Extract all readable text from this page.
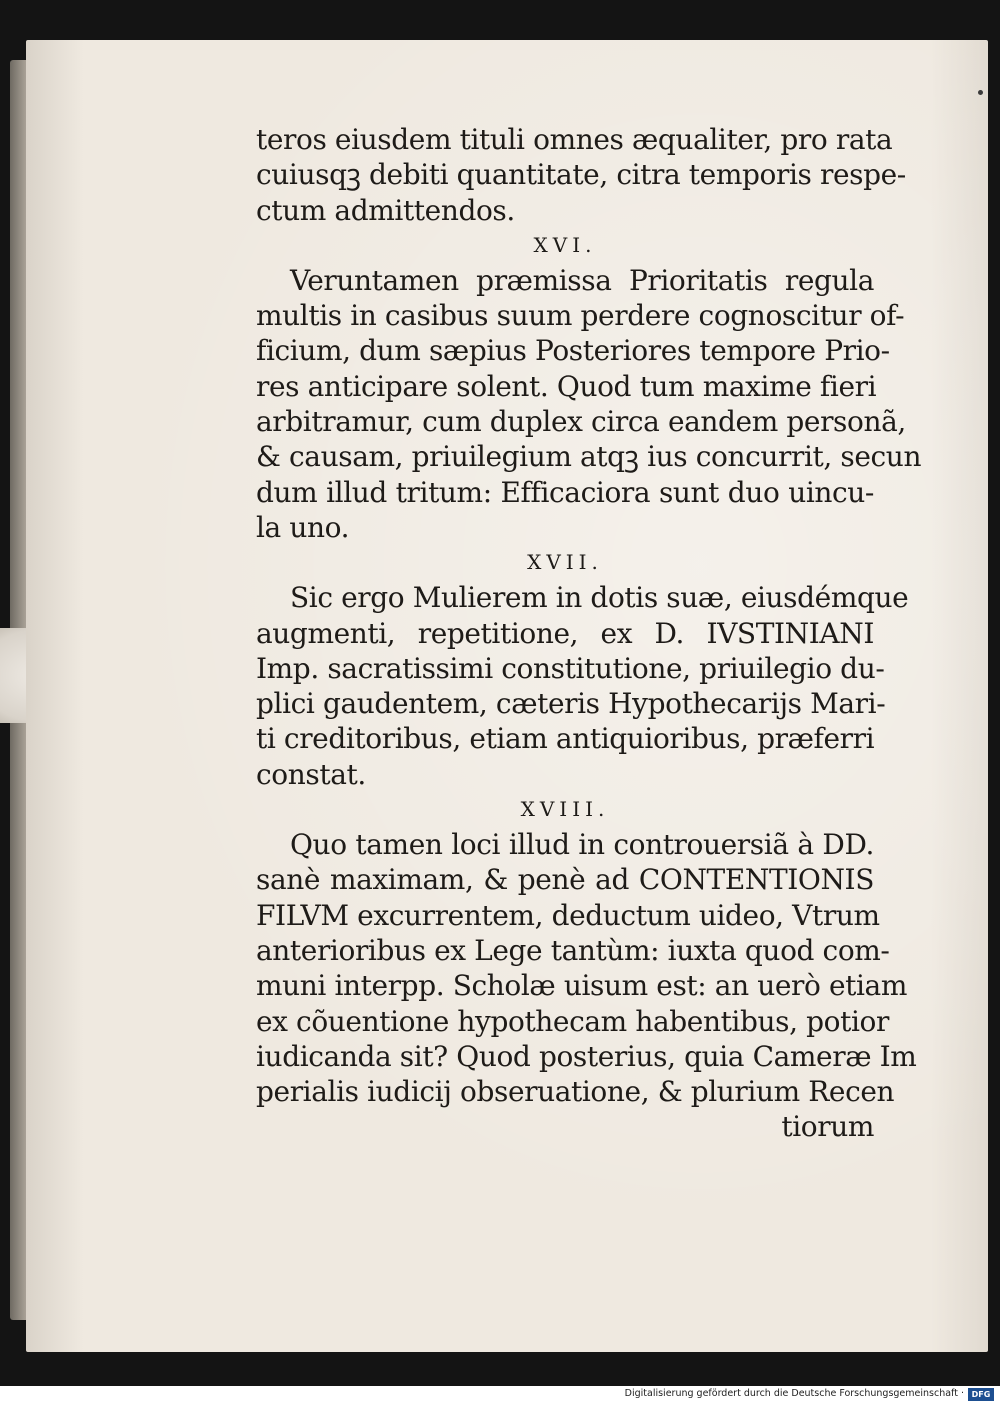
teros eiusdem tituli omnes æqualiter, pro rata
cuiusqꝫ debiti quantitate, citra temporis respe-
ctum admittendos.
XVI.
Veruntamen præmissa Prioritatis regula
multis in casibus suum perdere cognoscitur of-
ficium, dum sæpius Posteriores tempore Prio-
res anticipare solent. Quod tum maxime fieri
arbitramur, cum duplex circa eandem personã,
& causam, priuilegium atqꝫ ius concurrit, secun
dum illud tritum: Efficaciora sunt duo uincu-
la uno.
XVII.
Sic ergo Mulierem in dotis suæ, eiusdémque
augmenti, repetitione, ex D. IVSTINIANI
Imp. sacratissimi constitutione, priuilegio du-
plici gaudentem, cæteris Hypothecarijs Mari-
ti creditoribus, etiam antiquioribus, præferri
constat.
XVIII.
Quo tamen loci illud in controuersiã à DD.
sanè maximam, & penè ad CONTENTIONIS
FILVM excurrentem, deductum uideo, Vtrum
anterioribus ex Lege tantùm: iuxta quod com-
muni interpp. Scholæ uisum est: an uerò etiam
ex cõuentione hypothecam habentibus, potior
iudicanda sit? Quod posterius, quia Cameræ Im
perialis iudicij obseruatione, & plurium Recen
tiorum
Digitalisierung gefördert durch die Deutsche Forschungsgemeinschaft · DFG
